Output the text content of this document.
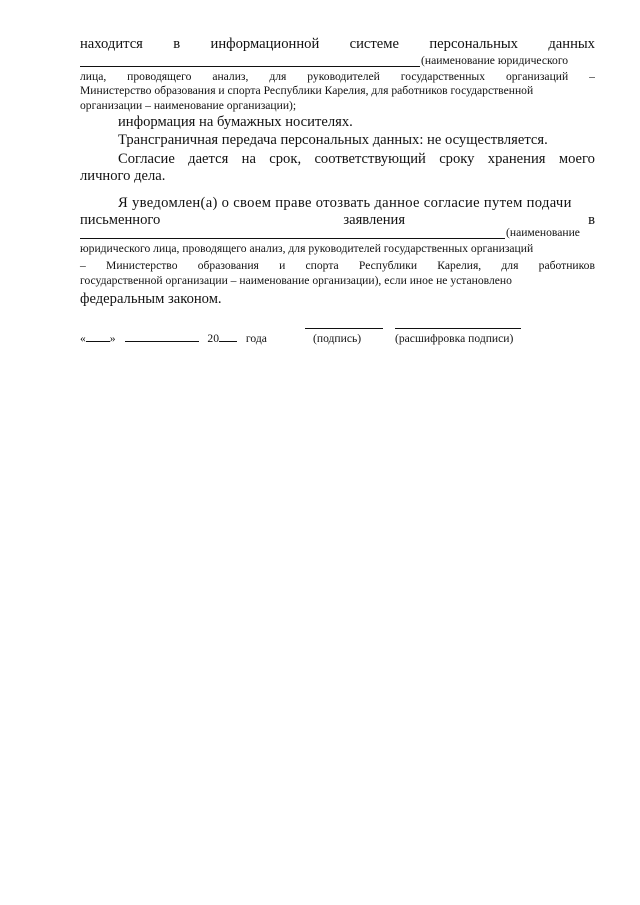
находится в информационной системе персональных данных
(наименование юридического
лица, проводящего анализ, для руководителей государственных организаций –
Министерство образования и спорта Республики Карелия, для работников государственной
организации – наименование организации);
информация на бумажных носителях.
Трансграничная передача персональных данных: не осуществляется.
Согласие дается на срок, соответствующий сроку хранения моего
личного дела.
Я уведомлен(а) о своем праве отозвать данное согласие путем подачи
письменного	заявления	в
(наименование
юридического лица, проводящего анализ, для руководителей государственных организаций
– Министерство образования и спорта Республики Карелия, для работников
государственной организации – наименование организации), если иное не установлено
федеральным законом.
« »	20 года	(подпись)	(расшифровка подписи)
